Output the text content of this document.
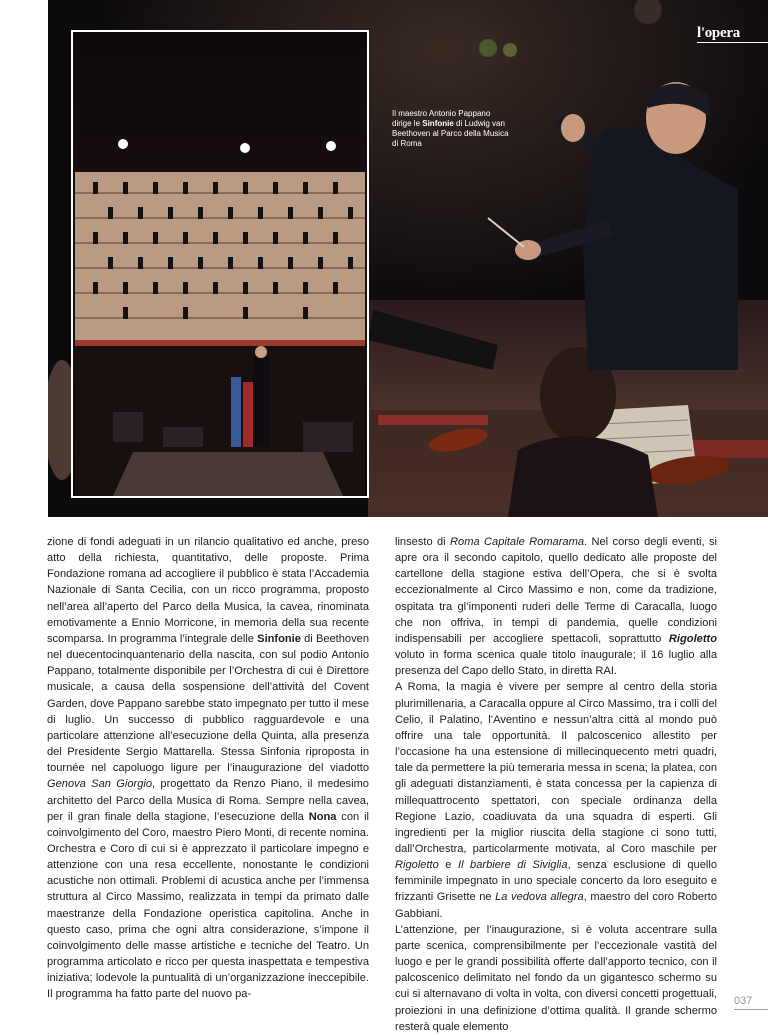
l'opera
Il maestro Antonio Pappano dirige le Sinfonie di Ludwig van Beethoven al Parco della Musica di Roma

zione di fondi adeguati in un rilancio qualitativo ed anche, preso atto della richiesta, quantitativo, delle proposte. Prima Fondazione romana ad accogliere il pubblico è stata l’Accademia Nazionale di Santa Cecilia, con un ricco programma, proposto nell’area all’aperto del Parco della Musica, la cavea, rinominata emotivamente a Ennio Morricone, in memoria della sua recente scomparsa. In programma l’integrale delle Sinfonie di Beethoven nel duecentocinquantenario della nascita, con sul podio Antonio Pappano, totalmente disponibile per l’Orchestra di cui è Direttore musicale, a causa della sospensione dell’attività del Covent Garden, dove Pappano sarebbe stato impegnato per tutto il mese di luglio. Un successo di pubblico ragguardevole e una particolare attenzione all’esecuzione della Quinta, alla presenza del Presidente Sergio Mattarella. Stessa Sinfonia riproposta in tournée nel capoluogo ligure per l’inaugurazione del viadotto Genova San Giorgio, progettato da Renzo Piano, il medesimo architetto del Parco della Musica di Roma. Sempre nella cavea, per il gran finale della stagione, l’esecuzione della Nona con il coinvolgimento del Coro, maestro Piero Monti, di recente nomina. Orchestra e Coro di cui si è apprezzato il particolare impegno e attenzione con una resa eccellente, nonostante le condizioni acustiche non ottimali. Problemi di acustica anche per l’immensa struttura al Circo Massimo, realizzata in tempi da primato dalle maestranze della Fondazione operistica capitolina. Anche in questo caso, prima che ogni altra considerazione, s’impone il coinvolgimento delle masse artistiche e tecniche del Teatro. Un programma articolato e ricco per questa inaspettata e tempestiva iniziativa; lodevole la puntualità di un’organizzazione ineccepibile. Il programma ha fatto parte del nuovo pa-

linsesto di Roma Capitale Romarama. Nel corso degli eventi, si apre ora il secondo capitolo, quello dedicato alle proposte del cartellone della stagione estiva dell’Opera, che si è svolta eccezionalmente al Circo Massimo e non, come da tradizione, ospitata tra gl’imponenti ruderi delle Terme di Caracalla, luogo che non offriva, in tempi di pandemia, quelle condizioni indispensabili per accogliere spettacoli, soprattutto Rigoletto voluto in forma scenica quale titolo inaugurale; il 16 luglio alla presenza del Capo dello Stato, in diretta RAI.

A Roma, la magia è vivere per sempre al centro della storia plurimillenaria, a Caracalla oppure al Circo Massimo, tra i colli del Celio, il Palatino, l’Aventino e nessun’altra città al mondo può offrire una tale opportunità. Il palcoscenico allestito per l’occasione ha una estensione di millecinquecento metri quadri, tale da permettere la più temeraria messa in scena; la platea, con gli adeguati distanziamenti, è stata concessa per la capienza di millequattrocento spettatori, con speciale ordinanza della Regione Lazio, coadiuvata da una squadra di esperti. Gli ingredienti per la miglior riuscita della stagione ci sono tutti, dall’Orchestra, particolarmente motivata, al Coro maschile per Rigoletto e Il barbiere di Siviglia, senza esclusione di quello femminile impegnato in uno speciale concerto da loro eseguito e frizzanti Grisette ne La vedova allegra, maestro del coro Roberto Gabbiani.

L’attenzione, per l’inaugurazione, si è voluta accentrare sulla parte scenica, comprensibilmente per l’eccezionale vastità del luogo e per le grandi possibilità offerte dall’apporto tecnico, con il palcoscenico delimitato nel fondo da un gigantesco schermo su cui si alternavano di volta in volta, con diversi concetti progettuali, proiezioni in una definizione d’ottima qualità. Il grande schermo resterà quale elemento

037
